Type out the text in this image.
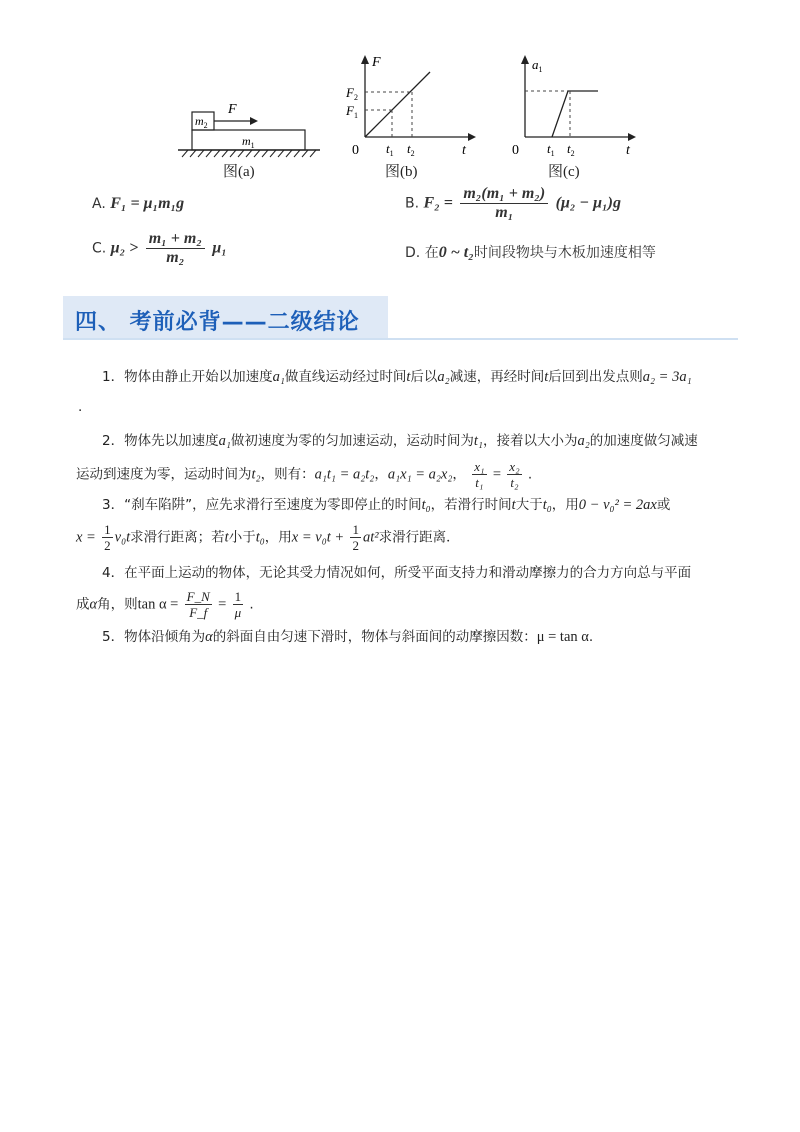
$m_1$
$m_2$
F
图(a)
F
t
0
$F_2$
$F_1$
$t_1$ $t_2$
图(b)
$a_1$
t
0 $t_1$ $t_2$
图(c)
A. F₁ = μ₁m₁g	B. $F_2 = \frac{\text{m₂(m₁ + m₂)}}{\text{m₁}} (\mu_2 - \mu_1)g$
C. $\mu_2 > \frac{\text{m₁ + m₂}}{\text{m₂}} \mu_1$	D. 在0 ~ t₂时间段物块与木板加速度相等
四、 考前必背——二级结论
1．物体由静止开始以加速度a₁做直线运动经过时间t后以a₂减速，再经时间t后回到出发点则a₂ = 3a₁
.
2．物体先以加速度a₁做初速度为零的匀加速运动，运动时间为t₁，接着以大小为a₂的加速度做匀减速
运动到速度为零，运动时间为t₂，则有：a₁t₁ = a₂t₂，a₁x₁ = a₂x₂， $\frac{\text{x₁}}{\text{t₁}} = \frac{\text{x₂}}{\text{t₂}}$ .
3．“刹车陷阱”，应先求滑行至速度为零即停止的时间t₀，若滑行时间t大于t₀，用0 − v₀² = 2ax或
$x = \frac{1}{2} v_0t$求滑行距离；若t小于t₀，用$x = v_0t + \frac{1}{2} at^2$求滑行距离．
4．在平面上运动的物体，无论其受力情况如何，所受平面支持力和滑动摩擦力的合力方向总与平面
成α角，则$\tan \alpha = \frac{F\_N}{F\_f} = \frac{1}{\mu}$ .
5．物体沿倾角为α的斜面自由匀速下滑时，物体与斜面间的动摩擦因数：μ = tan α.
